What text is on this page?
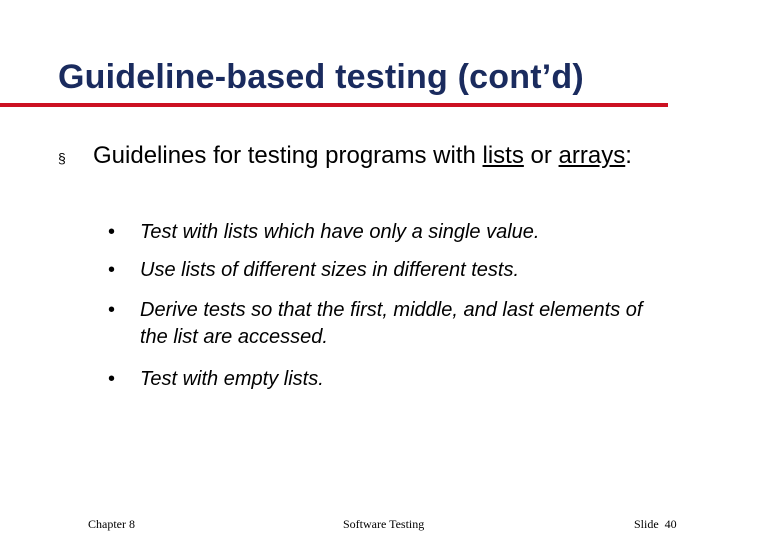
Guideline-based testing (cont’d)
§ Guidelines for testing programs with lists or arrays:
• Test with lists which have only a single value.
• Use lists of different sizes in different tests.
• Derive tests so that the first, middle, and last elements of the list are accessed.
• Test with empty lists.
Chapter 8	Software Testing	Slide  40
